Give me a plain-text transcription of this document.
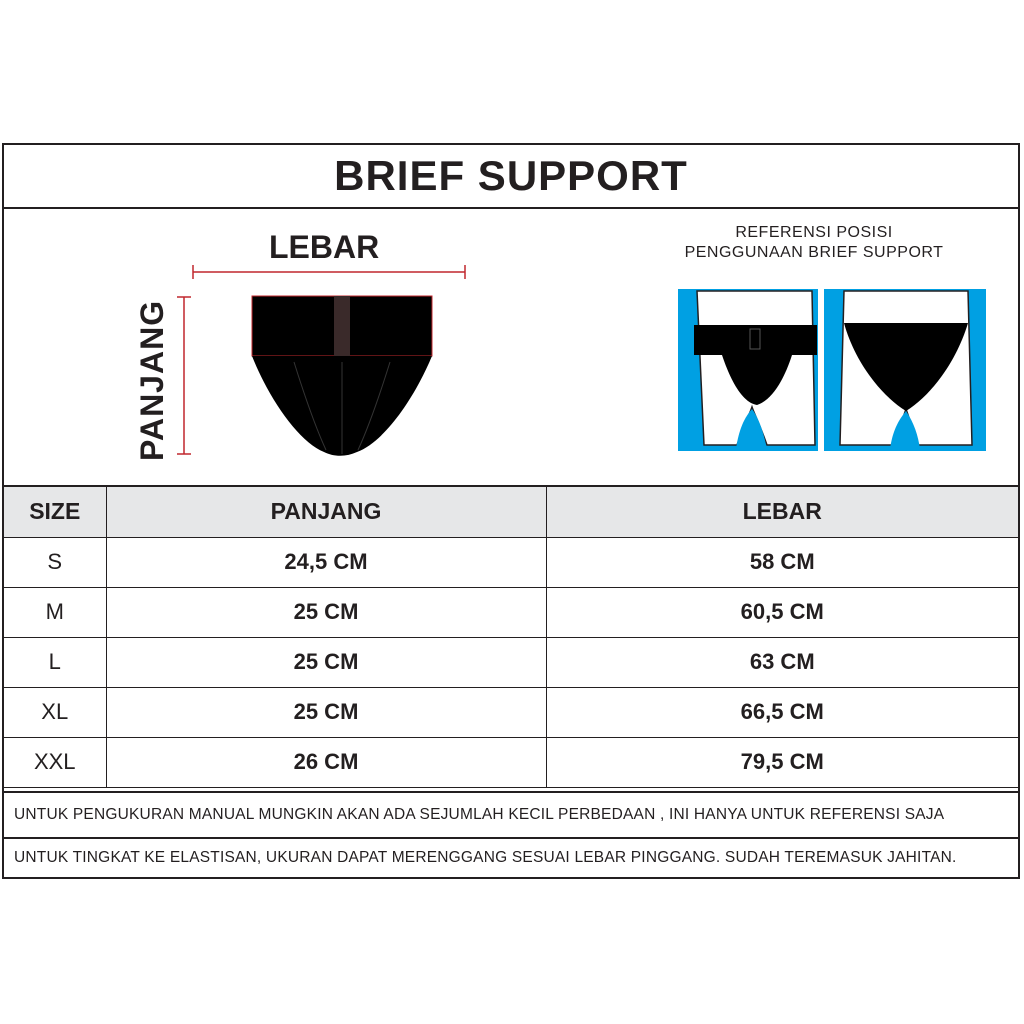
BRIEF SUPPORT
LEBAR
PANJANG
REFERENSI POSISI
PENGGUNAAN BRIEF SUPPORT
SIZE	PANJANG	LEBAR
S	24,5 CM	58 CM
M	25 CM	60,5 CM
L	25 CM	63 CM
XL	25 CM	66,5 CM
XXL	26 CM	79,5 CM
UNTUK PENGUKURAN MANUAL MUNGKIN AKAN ADA SEJUMLAH KECIL PERBEDAAN , INI HANYA UNTUK REFERENSI SAJA
UNTUK TINGKAT KE ELASTISAN, UKURAN DAPAT MERENGGANG SESUAI LEBAR PINGGANG. SUDAH TEREMASUK JAHITAN.
